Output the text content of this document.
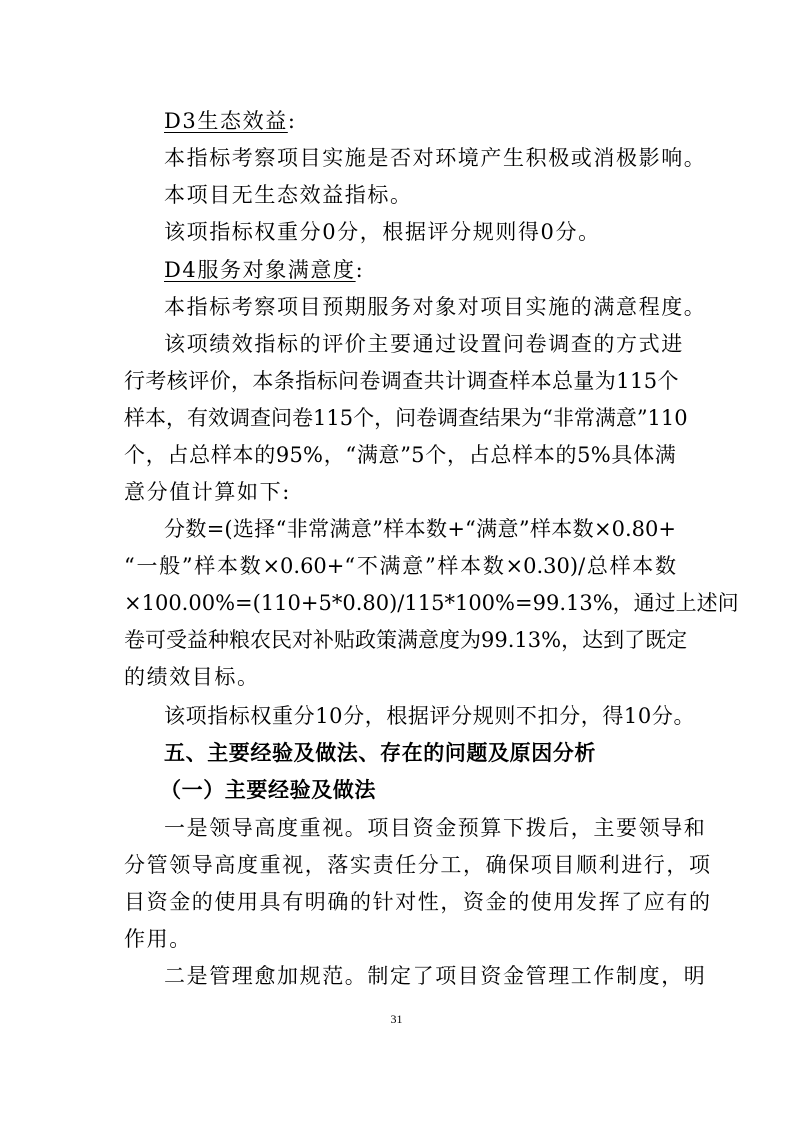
D3生态效益:
本指标考察项目实施是否对环境产生积极或消极影响。
本项目无生态效益指标。
该项指标权重分0分，根据评分规则得0分。
D4服务对象满意度:
本指标考察项目预期服务对象对项目实施的满意程度。
该项绩效指标的评价主要通过设置问卷调查的方式进
行考核评价，本条指标问卷调查共计调查样本总量为115个
样本，有效调查问卷115个，问卷调查结果为“非常满意”110
个，占总样本的95%，“满意”5个，占总样本的5%具体满
意分值计算如下:
分数=(选择“非常满意”样本数+“满意”样本数×0.80+
“一般”样本数×0.60+“不满意”样本数×0.30)/总样本数
×100.00%=(110+5*0.80)/115*100%=99.13%，通过上述问
卷可受益种粮农民对补贴政策满意度为99.13%，达到了既定
的绩效目标。
该项指标权重分10分，根据评分规则不扣分，得10分。
五、主要经验及做法、存在的问题及原因分析
（一）主要经验及做法
一是领导高度重视。项目资金预算下拨后，主要领导和
分管领导高度重视，落实责任分工，确保项目顺利进行，项
目资金的使用具有明确的针对性，资金的使用发挥了应有的
作用。
二是管理愈加规范。制定了项目资金管理工作制度，明
31
